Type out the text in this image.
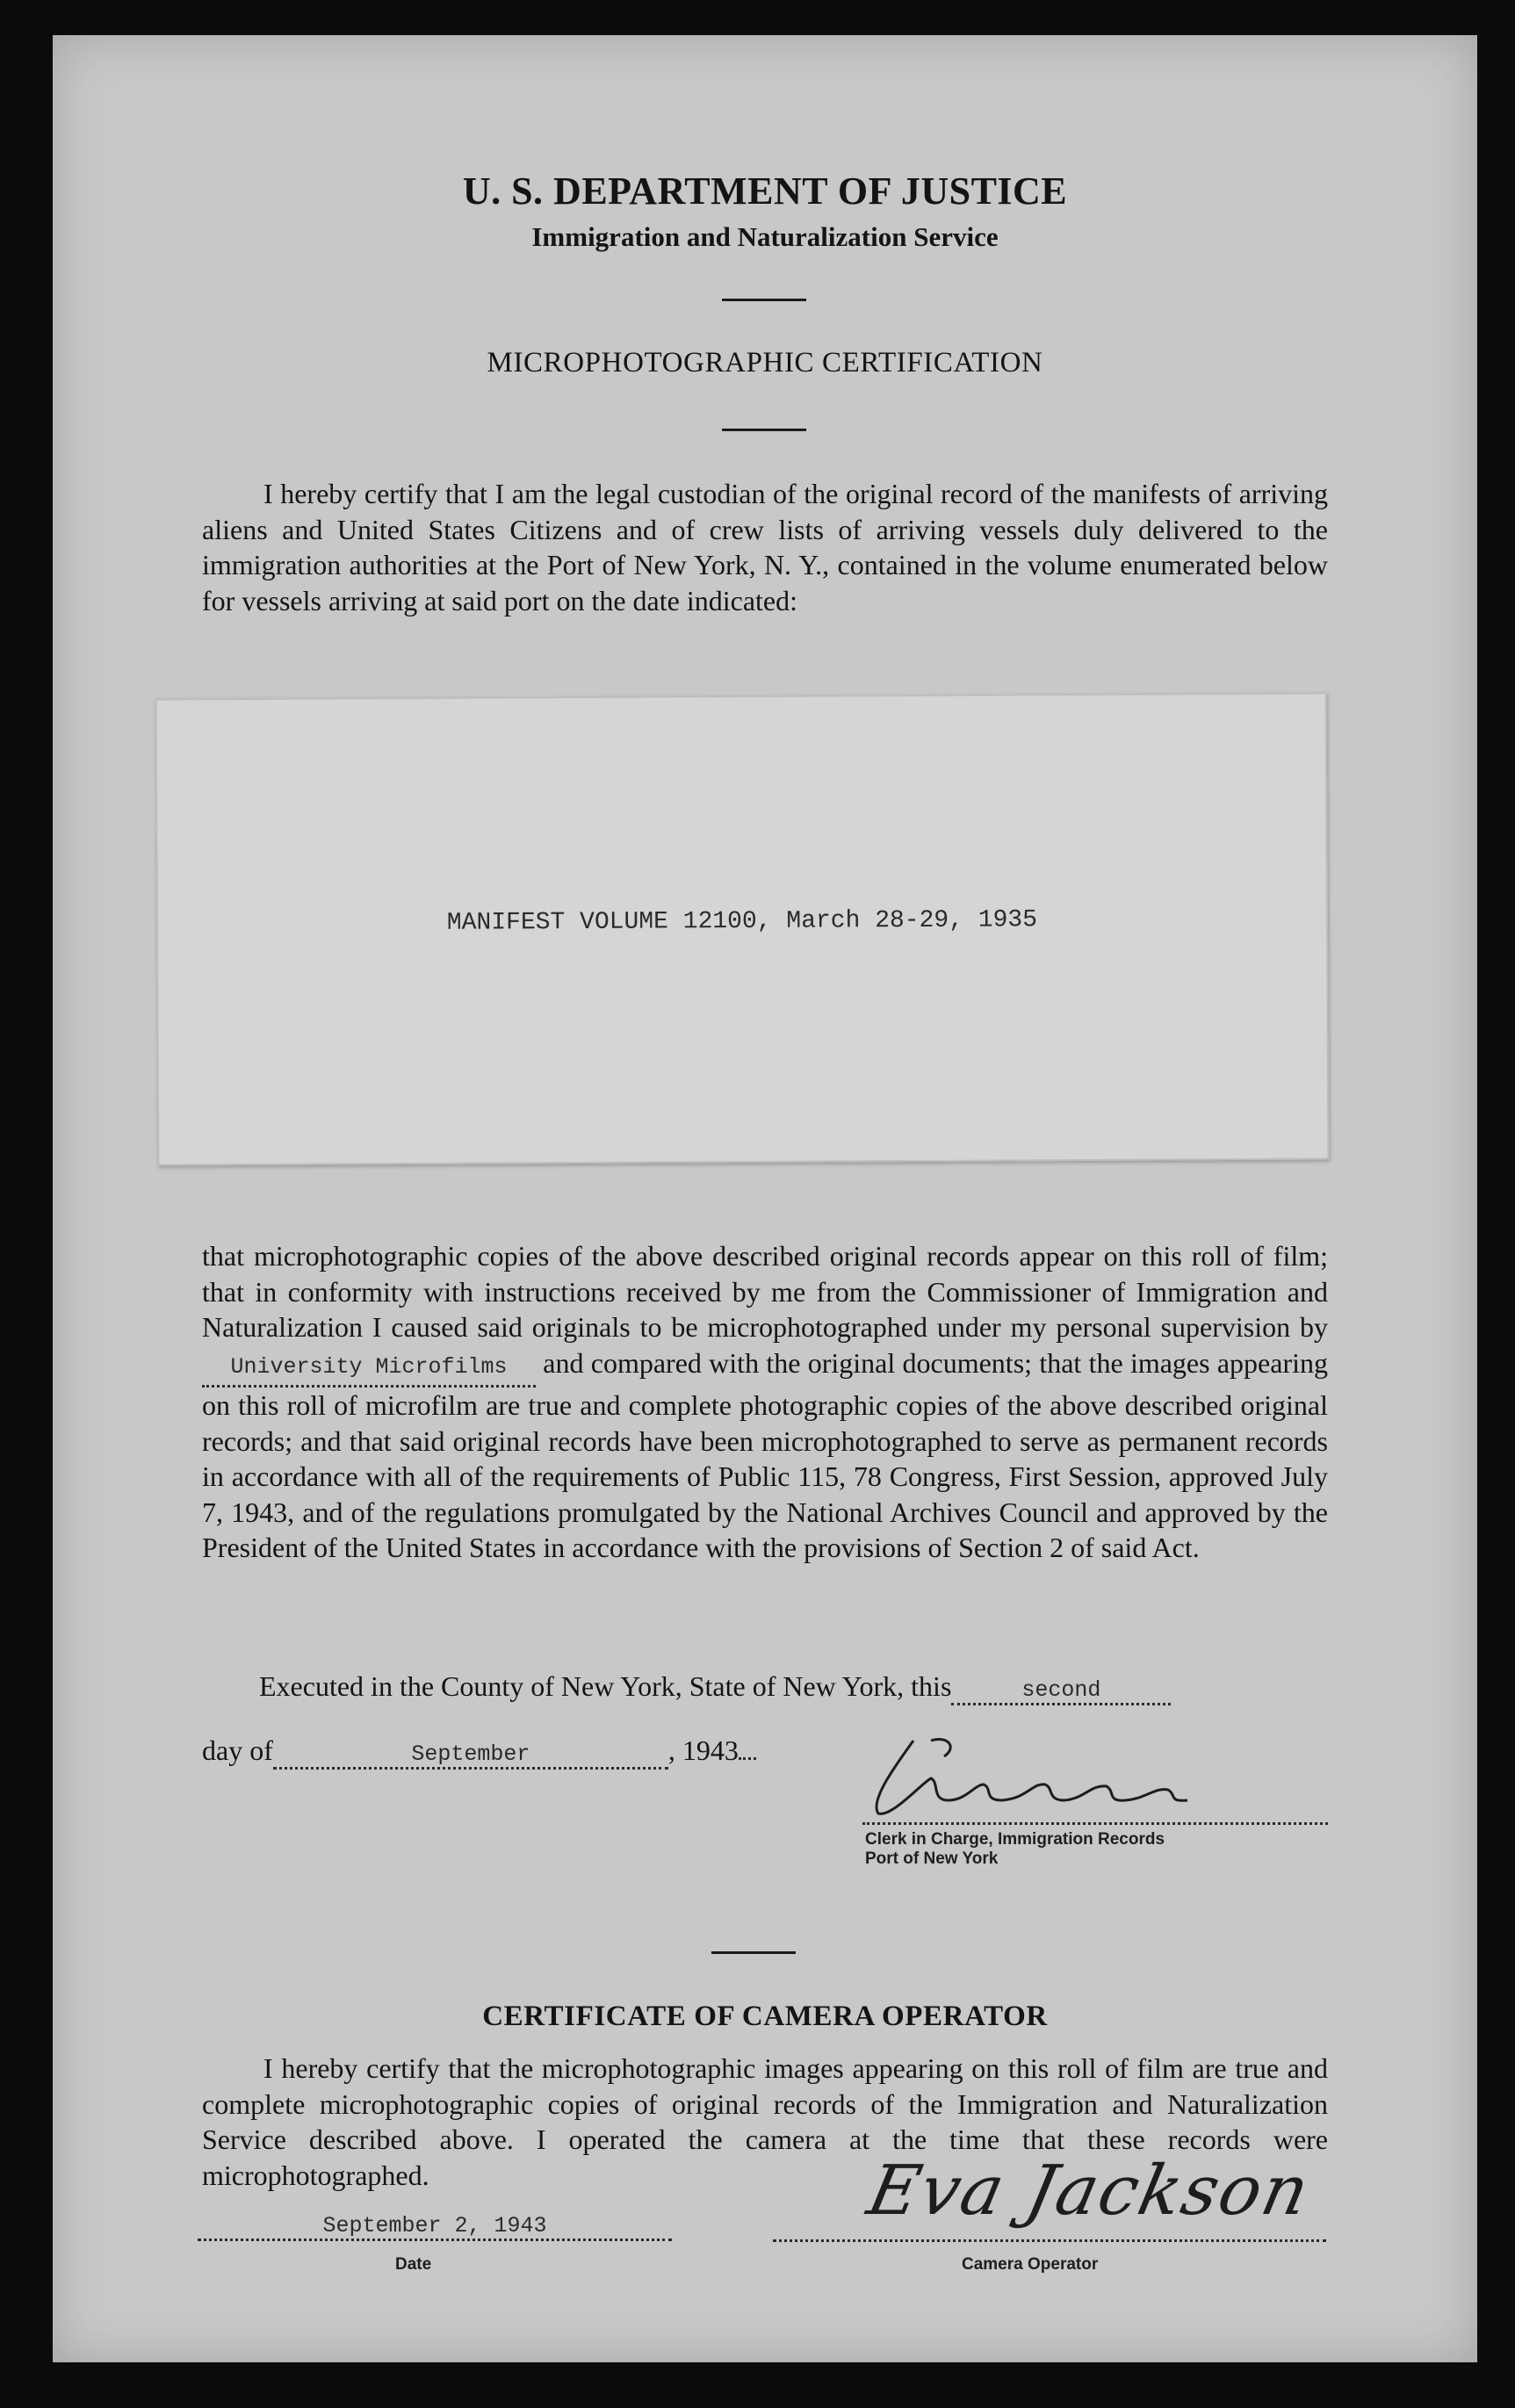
U. S. DEPARTMENT OF JUSTICE
Immigration and Naturalization Service
MICROPHOTOGRAPHIC CERTIFICATION
I hereby certify that I am the legal custodian of the original record of the manifests of arriving aliens and United States Citizens and of crew lists of arriving vessels duly delivered to the immigration authorities at the Port of New York, N. Y., contained in the volume enumerated below for vessels arriving at said port on the date indicated:
MANIFEST VOLUME 12100, March 28-29, 1935
that microphotographic copies of the above described original records appear on this roll of film; that in conformity with instructions received by me from the Commissioner of Immigration and Naturalization I caused said originals to be microphotographed under my personal supervision by University Microfilms and compared with the original documents; that the images appearing on this roll of microfilm are true and complete photographic copies of the above described original records; and that said original records have been microphotographed to serve as permanent records in accordance with all of the requirements of Public 115, 78 Congress, First Session, approved July 7, 1943, and of the regulations promulgated by the National Archives Council and approved by the President of the United States in accordance with the provisions of Section 2 of said Act.
Executed in the County of New York, State of New York, this	second
day of	September	, 1943
Clerk in Charge, Immigration Records
Port of New York
CERTIFICATE OF CAMERA OPERATOR
I hereby certify that the microphotographic images appearing on this roll of film are true and complete microphotographic copies of original records of the Immigration and Naturalization Service described above. I operated the camera at the time that these records were microphotographed.
September 2, 1943
Date
Eva Jackson
Camera Operator
